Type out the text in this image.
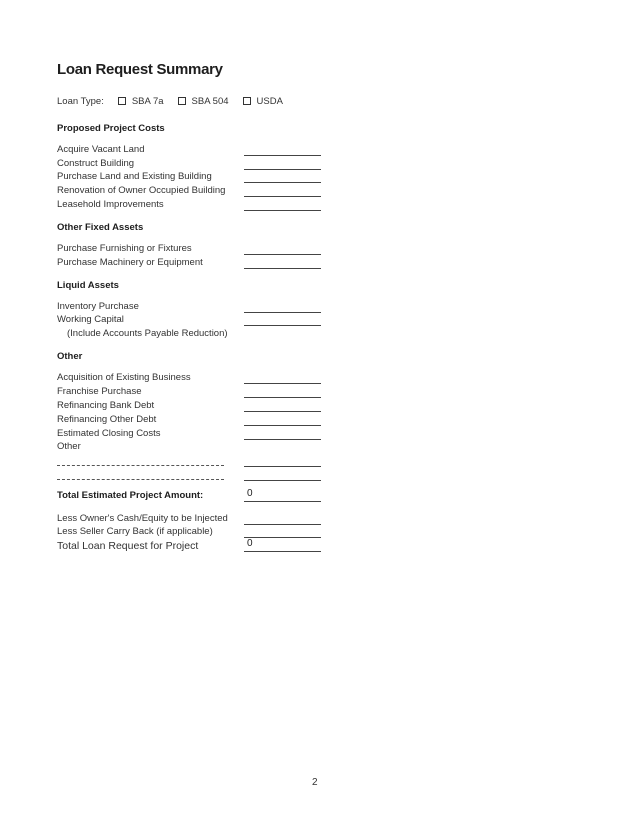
Loan Request Summary
Loan Type:	SBA 7a	SBA 504	USDA
Proposed Project Costs
Acquire Vacant Land
Construct Building
Purchase Land and Existing Building
Renovation of Owner Occupied Building
Leasehold Improvements
Other Fixed Assets
Purchase Furnishing or Fixtures
Purchase Machinery or Equipment
Liquid Assets
Inventory Purchase
Working Capital
(Include Accounts Payable Reduction)
Other
Acquisition of Existing Business
Franchise Purchase
Refinancing Bank Debt
Refinancing Other Debt
Estimated Closing Costs
Other
Total Estimated Project Amount:	0
Less Owner's Cash/Equity to be Injected
Less Seller Carry Back (if applicable)
Total Loan Request for Project	0
2
